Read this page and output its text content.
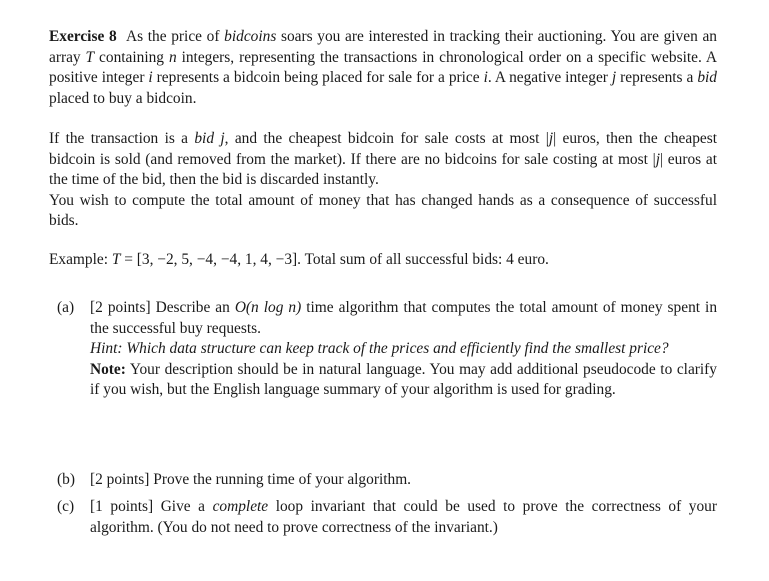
Exercise 8 As the price of bidcoins soars you are interested in tracking their auctioning. You are given an array T containing n integers, representing the transactions in chronological order on a specific website. A positive integer i represents a bidcoin being placed for sale for a price i. A negative integer j represents a bid placed to buy a bidcoin.

If the transaction is a bid j, and the cheapest bidcoin for sale costs at most |j| euros, then the cheapest bidcoin is sold (and removed from the market). If there are no bidcoins for sale costing at most |j| euros at the time of the bid, then the bid is discarded instantly.
You wish to compute the total amount of money that has changed hands as a consequence of successful bids.

Example: T = [3, −2, 5, −4, −4, 1, 4, −3]. Total sum of all successful bids: 4 euro.

(a)	[2 points] Describe an O(n log n) time algorithm that computes the total amount of money spent in the successful buy requests.
Hint: Which data structure can keep track of the prices and efficiently find the smallest price?
Note: Your description should be in natural language. You may add additional pseudocode to clarify if you wish, but the English language summary of your algorithm is used for grading.
(b) [2 points] Prove the running time of your algorithm.
(c)	[1 points] Give a complete loop invariant that could be used to prove the correctness of your algorithm. (You do not need to prove correctness of the invariant.)
